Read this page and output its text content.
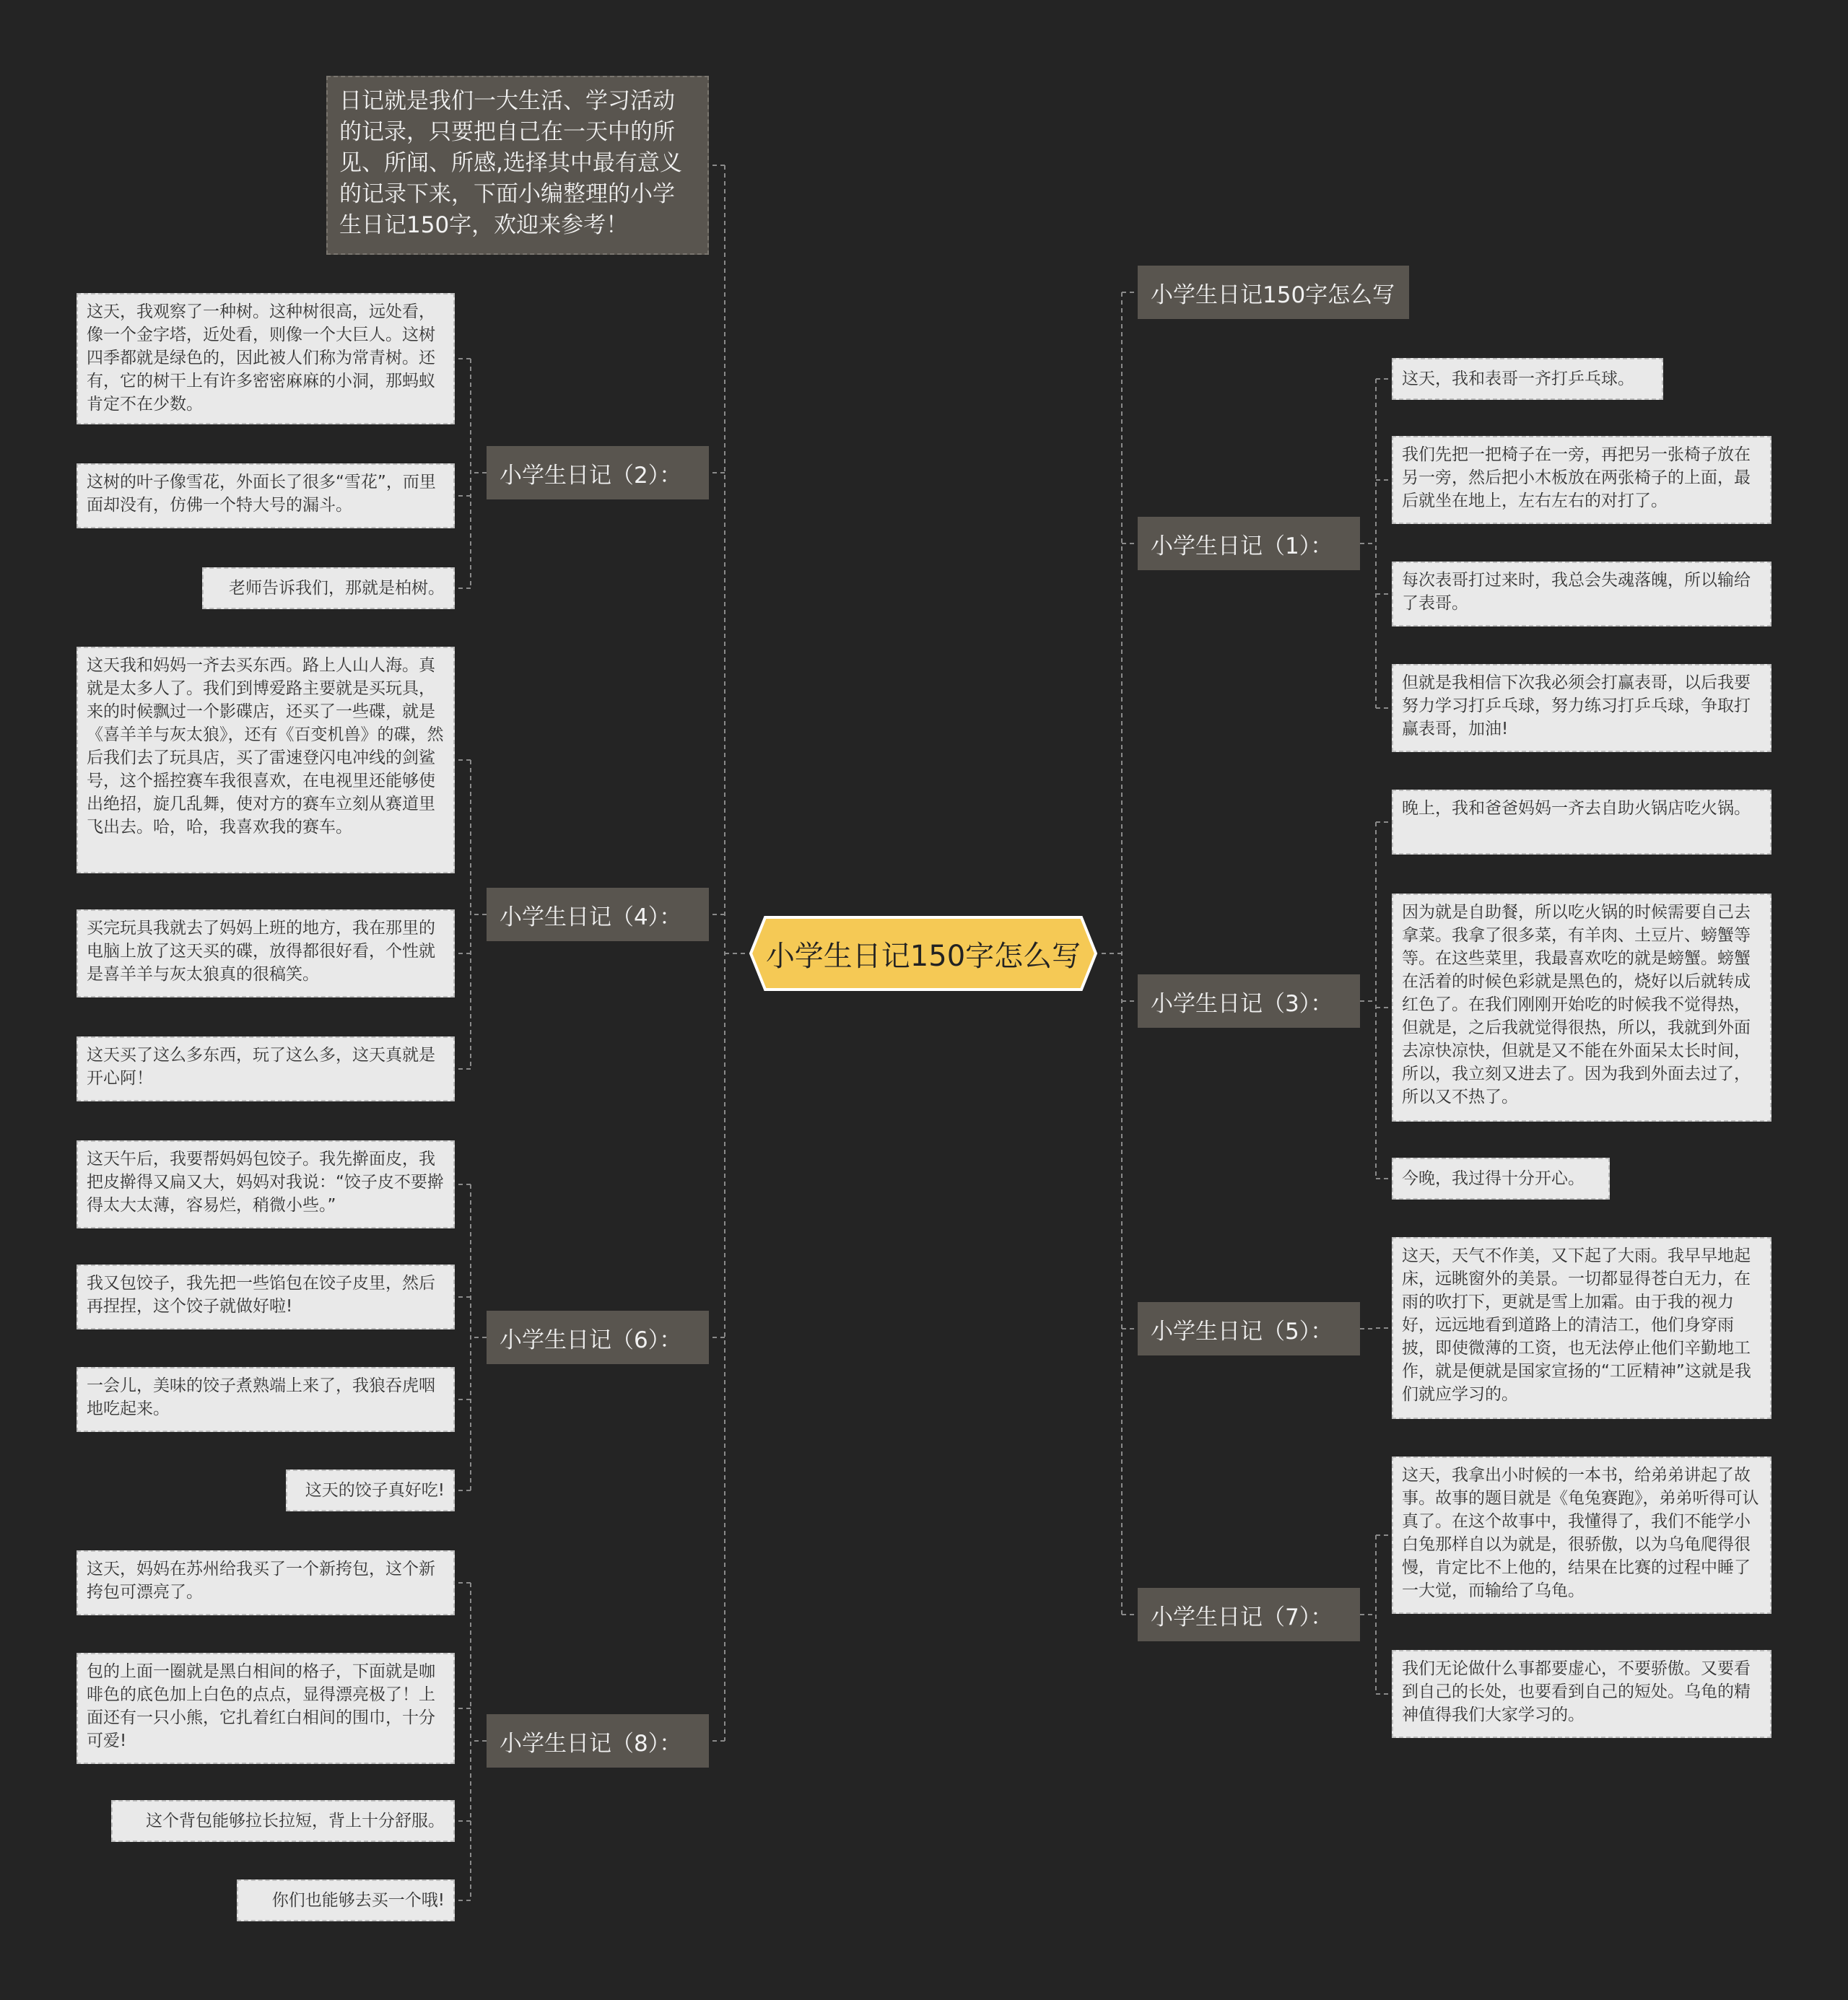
小学生日记150字怎么写
日记就是我们一大生活、学习活动的记录，只要把自己在一天中的所见、所闻、所感,选择其中最有意义的记录下来，下面小编整理的小学生日记150字，欢迎来参考！
小学生日记150字怎么写
小学生日记（2）：
小学生日记（4）：
小学生日记（6）：
小学生日记（8）：
小学生日记（1）：
小学生日记（3）：
小学生日记（5）：
小学生日记（7）：
这天，我观察了一种树。这种树很高，远处看，像一个金字塔，近处看，则像一个大巨人。这树四季都就是绿色的，因此被人们称为常青树。还有，它的树干上有许多密密麻麻的小洞，那蚂蚁肯定不在少数。
这树的叶子像雪花，外面长了很多“雪花”，而里面却没有，仿佛一个特大号的漏斗。
老师告诉我们，那就是柏树。
这天我和妈妈一齐去买东西。路上人山人海。真就是太多人了。我们到博爱路主要就是买玩具，来的时候飘过一个影碟店，还买了一些碟，就是《喜羊羊与灰太狼》，还有《百变机兽》的碟，然后我们去了玩具店，买了雷速登闪电冲线的剑鲨号，这个摇控赛车我很喜欢，在电视里还能够使出绝招，旋几乱舞，使对方的赛车立刻从赛道里飞出去。哈，哈，我喜欢我的赛车。
买完玩具我就去了妈妈上班的地方，我在那里的电脑上放了这天买的碟，放得都很好看，个性就是喜羊羊与灰太狼真的很稿笑。
这天买了这么多东西，玩了这么多，这天真就是开心阿！
这天午后，我要帮妈妈包饺子。我先擀面皮，我把皮擀得又扁又大，妈妈对我说：“饺子皮不要擀得太大太薄，容易烂，稍微小些。”
我又包饺子，我先把一些馅包在饺子皮里，然后再捏捏，这个饺子就做好啦!
一会儿，美味的饺子煮熟端上来了，我狼吞虎咽地吃起来。
这天的饺子真好吃!
这天，妈妈在苏州给我买了一个新挎包，这个新挎包可漂亮了。
包的上面一圈就是黑白相间的格子，下面就是咖啡色的底色加上白色的点点，显得漂亮极了！上面还有一只小熊，它扎着红白相间的围巾，十分可爱!
这个背包能够拉长拉短，背上十分舒服。
你们也能够去买一个哦!
这天，我和表哥一齐打乒乓球。
我们先把一把椅子在一旁，再把另一张椅子放在另一旁，然后把小木板放在两张椅子的上面，最后就坐在地上，左右左右的对打了。
每次表哥打过来时，我总会失魂落魄，所以输给了表哥。
但就是我相信下次我必须会打赢表哥，以后我要努力学习打乒乓球，努力练习打乒乓球，争取打赢表哥，加油!
晚上，我和爸爸妈妈一齐去自助火锅店吃火锅。
因为就是自助餐，所以吃火锅的时候需要自己去拿菜。我拿了很多菜，有羊肉、土豆片、螃蟹等等。在这些菜里，我最喜欢吃的就是螃蟹。螃蟹在活着的时候色彩就是黑色的，烧好以后就转成红色了。在我们刚刚开始吃的时候我不觉得热，但就是，之后我就觉得很热，所以，我就到外面去凉快凉快，但就是又不能在外面呆太长时间，所以，我立刻又进去了。因为我到外面去过了，所以又不热了。
今晚，我过得十分开心。
这天，天气不作美，又下起了大雨。我早早地起床，远眺窗外的美景。一切都显得苍白无力，在雨的吹打下，更就是雪上加霜。由于我的视力好，远远地看到道路上的清洁工，他们身穿雨披，即使微薄的工资，也无法停止他们辛勤地工作，就是便就是国家宣扬的“工匠精神”这就是我们就应学习的。
这天，我拿出小时候的一本书，给弟弟讲起了故事。故事的题目就是《龟兔赛跑》，弟弟听得可认真了。在这个故事中，我懂得了，我们不能学小白兔那样自以为就是，很骄傲，以为乌龟爬得很慢，肯定比不上他的，结果在比赛的过程中睡了一大觉，而输给了乌龟。
我们无论做什么事都要虚心，不要骄傲。又要看到自己的长处，也要看到自己的短处。乌龟的精神值得我们大家学习的。
